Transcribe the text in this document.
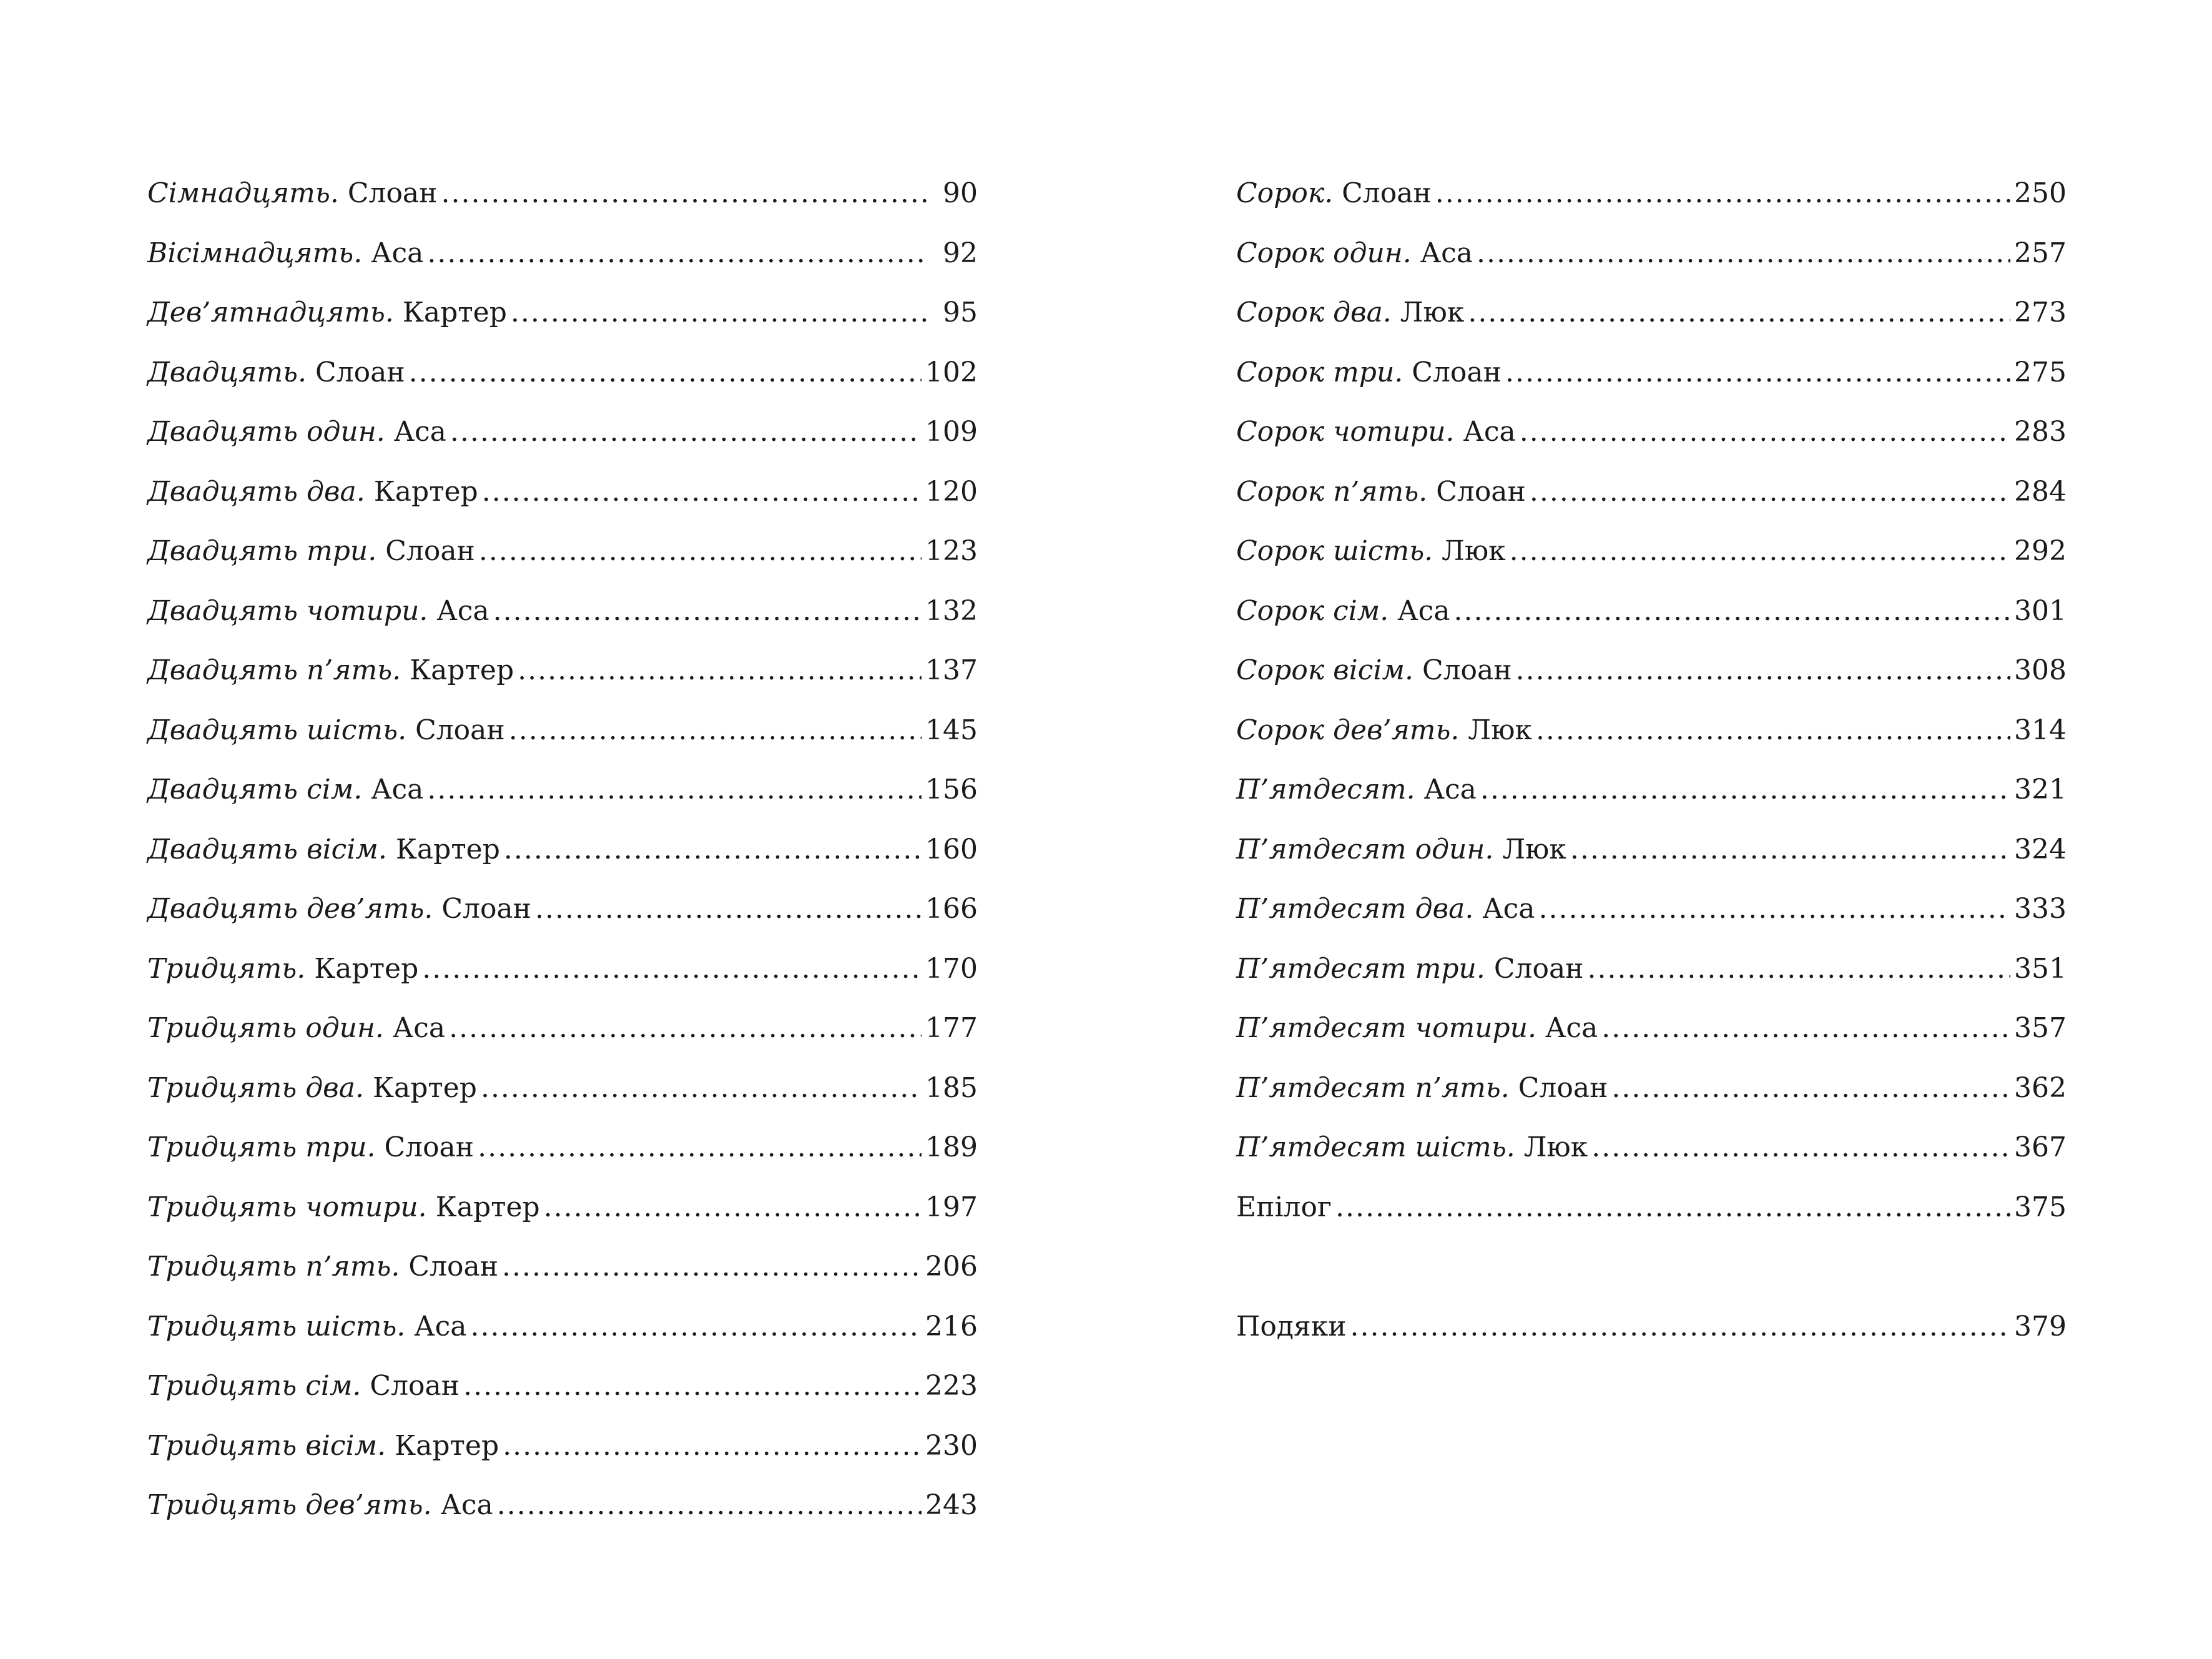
Сімнадцять. Слоан .....	90
Вісімнадцять. Аса .....	92
Дев’ятнадцять. Картер .....	95
Двадцять. Слоан .....	102
Двадцять один. Аса .....	109
Двадцять два. Картер .....	120
Двадцять три. Слоан .....	123
Двадцять чотири. Аса .....	132
Двадцять п’ять. Картер .....	137
Двадцять шість. Слоан .....	145
Двадцять сім. Аса .....	156
Двадцять вісім. Картер .....	160
Двадцять дев’ять. Слоан .....	166
Тридцять. Картер .....	170
Тридцять один. Аса .....	177
Тридцять два. Картер .....	185
Тридцять три. Слоан .....	189
Тридцять чотири. Картер .....	197
Тридцять п’ять. Слоан .....	206
Тридцять шість. Аса .....	216
Тридцять сім. Слоан .....	223
Тридцять вісім. Картер .....	230
Тридцять дев’ять. Аса .....	243
Сорок. Слоан .....	250
Сорок один. Аса .....	257
Сорок два. Люк .....	273
Сорок три. Слоан .....	275
Сорок чотири. Аса .....	283
Сорок п’ять. Слоан .....	284
Сорок шість. Люк .....	292
Сорок сім. Аса .....	301
Сорок вісім. Слоан .....	308
Сорок дев’ять. Люк .....	314
П’ятдесят. Аса .....	321
П’ятдесят один. Люк .....	324
П’ятдесят два. Аса .....	333
П’ятдесят три. Слоан .....	351
П’ятдесят чотири. Аса .....	357
П’ятдесят п’ять. Слоан .....	362
П’ятдесят шість. Люк .....	367
Епілог .....	375
Подяки .....	379
